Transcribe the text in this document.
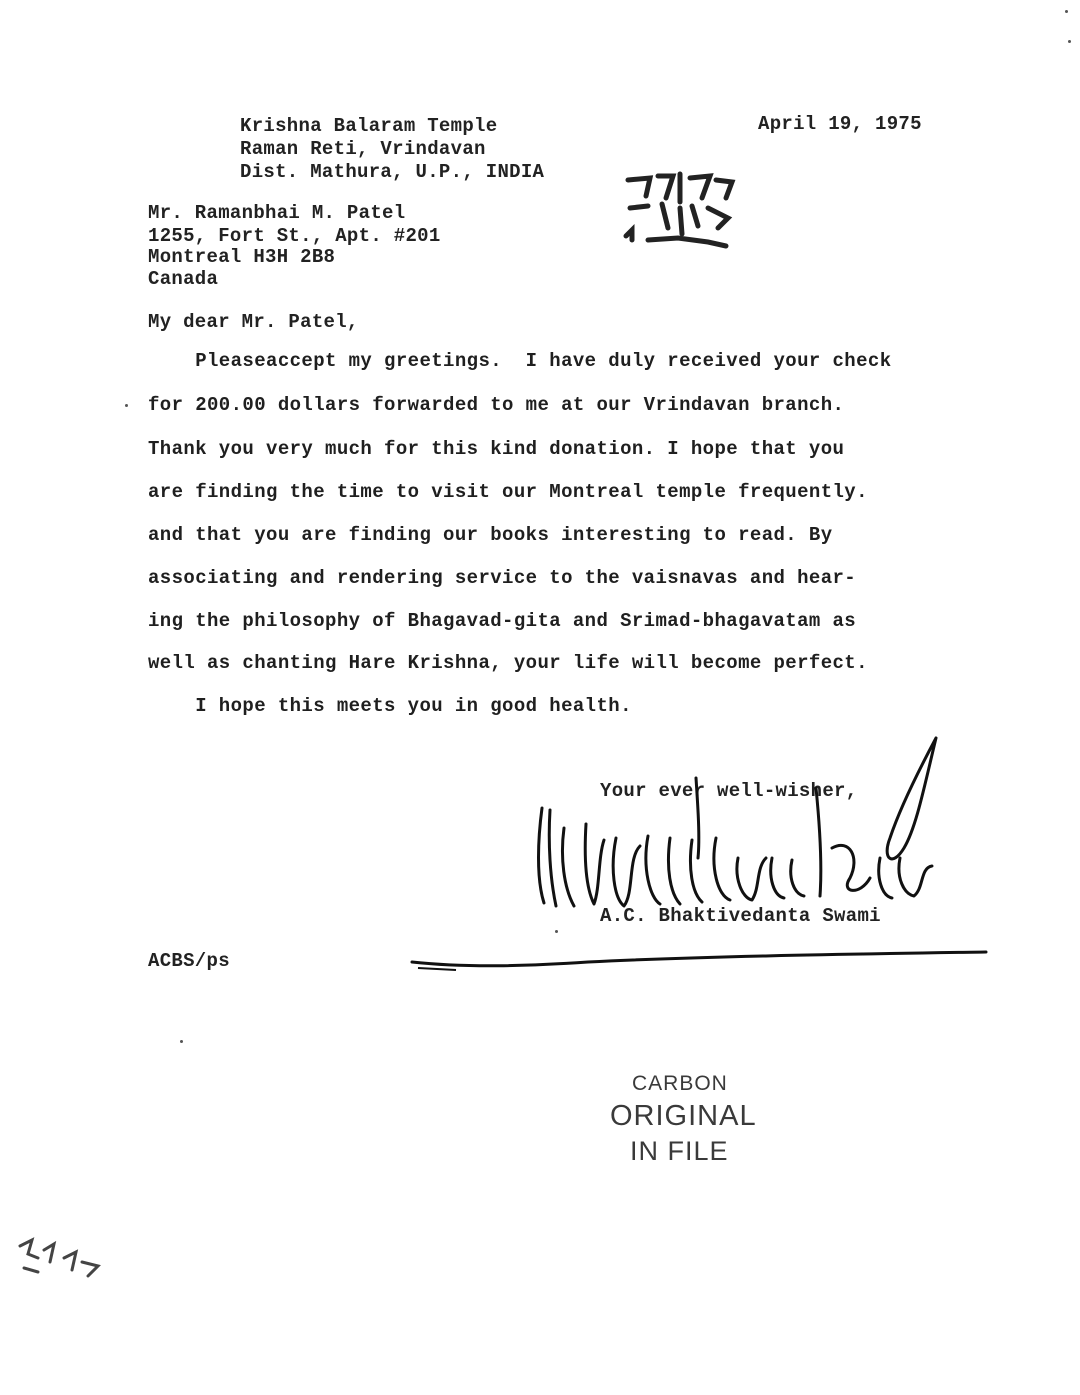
Krishna Balaram Temple
Raman Reti, Vrindavan
Dist. Mathura, U.P., INDIA
April 19, 1975
Mr. Ramanbhai M. Patel
1255, Fort St., Apt. #201
Montreal H3H 2B8
Canada
My dear Mr. Patel,
Pleaseaccept my greetings.  I have duly received your check
for 200.00 dollars forwarded to me at our Vrindavan branch.
Thank you very much for this kind donation. I hope that you
are finding the time to visit our Montreal temple frequently.
and that you are finding our books interesting to read. By
associating and rendering service to the vaisnavas and hear-
ing the philosophy of Bhagavad-gita and Srimad-bhagavatam as
well as chanting Hare Krishna, your life will become perfect.
I hope this meets you in good health.
Your ever well-wisher,
A.C. Bhaktivedanta Swami
ACBS/ps
CARBON
ORIGINAL
IN FILE
